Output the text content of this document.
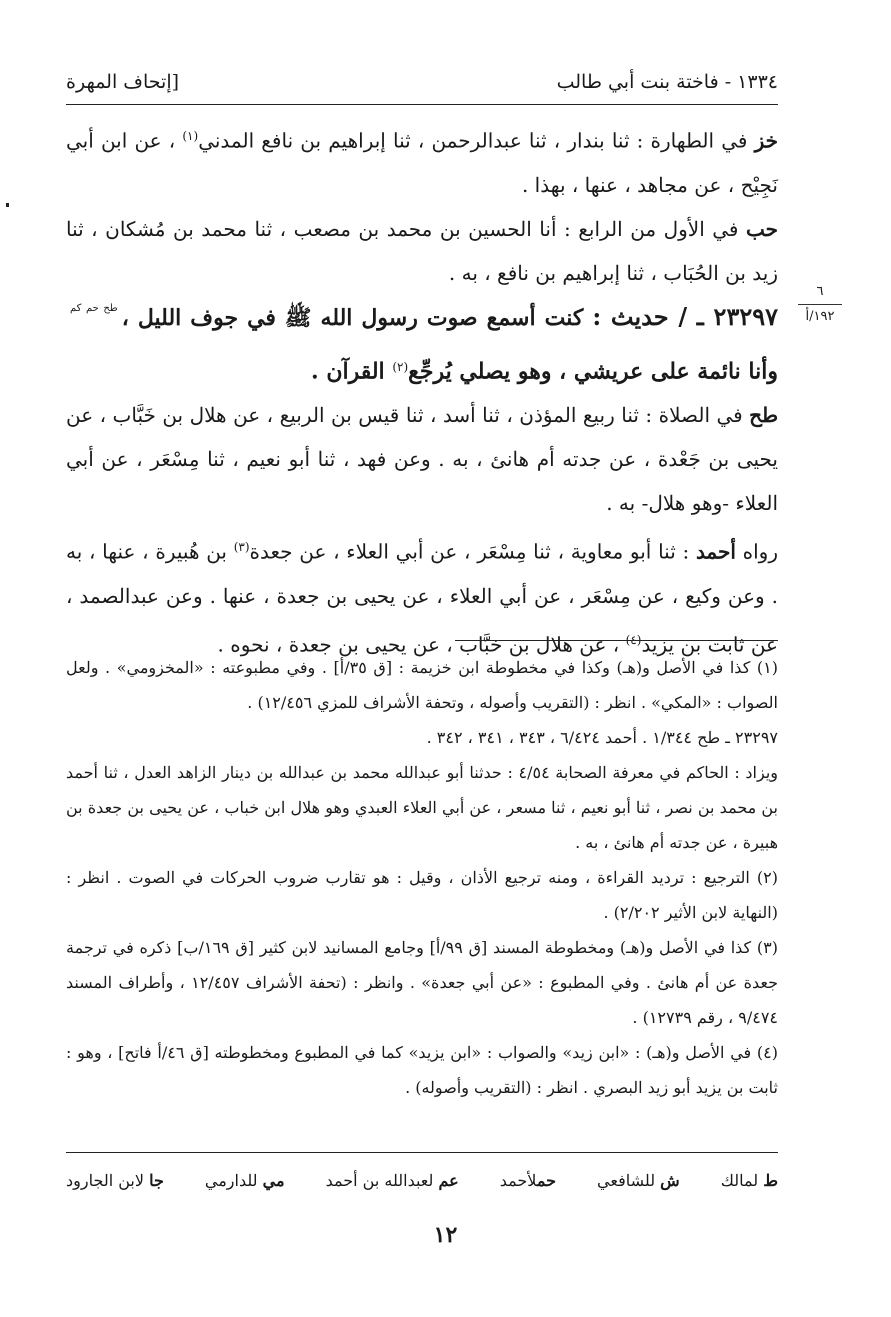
١٣٣٤ - فاختة بنت أبي طالب
[إتحاف المهرة

خز في الطهارة : ثنا بندار ، ثنا عبدالرحمن ، ثنا إبراهيم بن نافع المدني$^{(١)}$ ، عن ابن أبي نَجِيْح ، عن مجاهد ، عنها ، بهذا .

حب في الأول من الرابع : أنا الحسين بن محمد بن مصعب ، ثنا محمد بن مُشكان ، ثنا زيد بن الحُبَاب ، ثنا إبراهيم بن نافع ، به .

٢٣٢٩٧ ـ / حديث : كنت أسمع صوت رسول الله ﷺ في جوف الليل ،$^{طح حم كم}$ وأنا نائمة على عريشي ، وهو يصلي يُرجِّع$^{(٢)}$ القرآن .

طح في الصلاة : ثنا ربيع المؤذن ، ثنا أسد ، ثنا قيس بن الربيع ، عن هلال بن خَبَّاب ، عن يحيى بن جَعْدة ، عن جدته أم هانئ ، به . وعن فهد ، ثنا أبو نعيم ، ثنا مِسْعَر ، عن أبي العلاء -وهو هلال- به .

رواه أحمد : ثنا أبو معاوية ، ثنا مِسْعَر ، عن أبي العلاء ، عن جعدة$^{(٣)}$ بن هُبيرة ، عنها ، به . وعن وكيع ، عن مِسْعَر ، عن أبي العلاء ، عن يحيى بن جعدة ، عنها . وعن عبدالصمد ، عن ثابت بن يزيد$^{(٤)}$ ، عن هلال بن خبَّاب ، عن يحيى بن جعدة ، نحوه .

٦
١٩٢/أ

(١) كذا في الأصل و(هـ) وكذا في مخطوطة ابن خزيمة : [ق ٣٥/أ] . وفي مطبوعته : «المخزومي» . ولعل الصواب : «المكي» . انظر : (التقريب وأصوله ، وتحفة الأشراف للمزي ١٢/٤٥٦) .

٢٣٢٩٧ ـ طح ١/٣٤٤ . أحمد ٦/٤٢٤ ، ٣٤٣ ، ٣٤١ ، ٣٤٢ .

ويزاد : الحاكم في معرفة الصحابة ٤/٥٤ : حدثنا أبو عبدالله محمد بن عبدالله بن دينار الزاهد العدل ، ثنا أحمد بن محمد بن نصر ، ثنا أبو نعيم ، ثنا مسعر ، عن أبي العلاء العبدي وهو هلال ابن خباب ، عن يحيى بن جعدة بن هبيرة ، عن جدته أم هانئ ، به .

(٢) الترجيع : ترديد القراءة ، ومنه ترجيع الأذان ، وقيل : هو تقارب ضروب الحركات في الصوت . انظر : (النهاية لابن الأثير ٢/٢٠٢) .

(٣) كذا في الأصل و(هـ) ومخطوطة المسند [ق ٩٩/أ] وجامع المسانيد لابن كثير [ق ١٦٩/ب] ذكره في ترجمة جعدة عن أم هانئ . وفي المطبوع : «عن أبي جعدة» . وانظر : (تحفة الأشراف ١٢/٤٥٧ ، وأطراف المسند ٩/٤٧٤ ، رقم ١٢٧٣٩) .

(٤) في الأصل و(هـ) : «ابن زيد» والصواب : «ابن يزيد» كما في المطبوع ومخطوطته [ق ٤٦/أ فاتح] ، وهو : ثابت بن يزيد أبو زيد البصري . انظر : (التقريب وأصوله) .

ط لمالك
ش للشافعي
حملأحمد
عم لعبدالله بن أحمد
مي للدارمي
جا لابن الجارود
١٢
